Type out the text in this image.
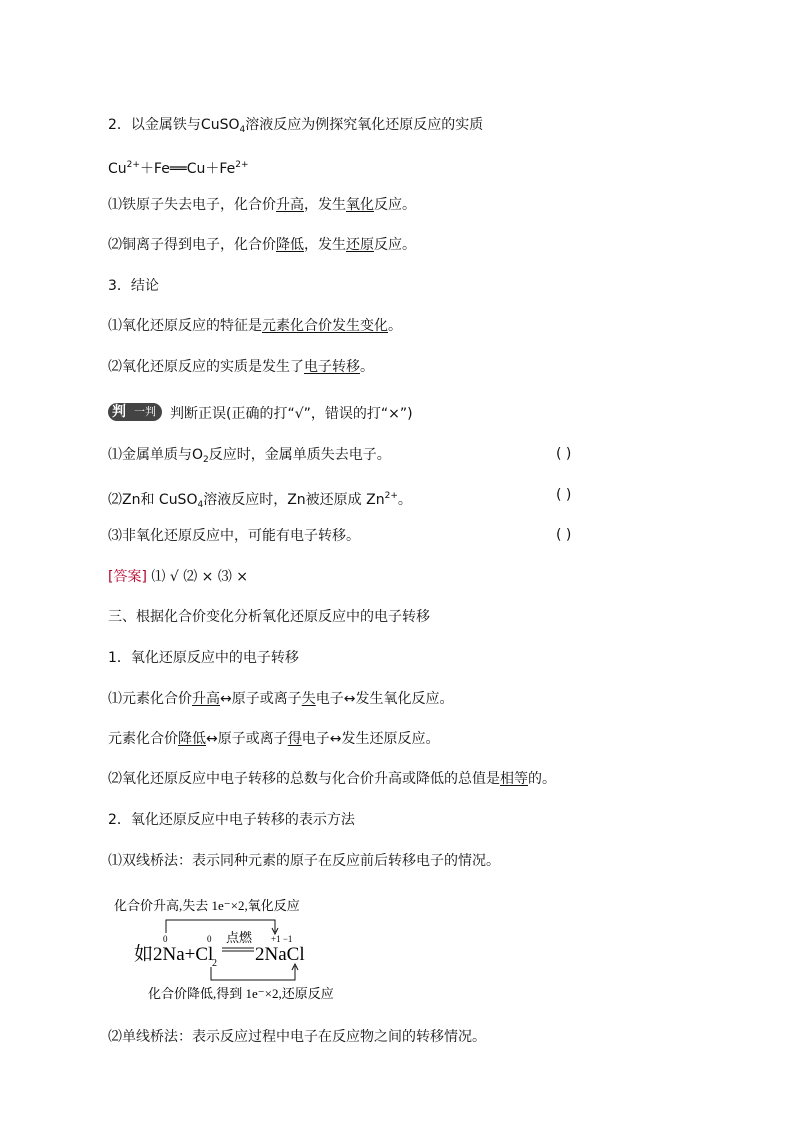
2．以金属铁与CuSO$_4$溶液反应为例探究氧化还原反应的实质
$Cu^{2+}+Fe══Cu+Fe^{2+}$
⑴铁原子失去电子，化合价升高，发生氧化反应。
⑵铜离子得到电子，化合价降低，发生还原反应。
3．结论
⑴氧化还原反应的特征是元素化合价发生变化。
⑵氧化还原反应的实质是发生了电子转移。
判 一判 判断正误(正确的打“√”，错误的打“×”)
⑴金属单质与$O_2$反应时，金属单质失去电子。	( )
⑵Zn和 CuSO$_4$溶液反应时，Zn被还原成 $Zn^{2+}$。	( )
⑶非氧化还原反应中，可能有电子转移。	( )
[答案] ⑴ √ ⑵ × ⑶ ×
三、根据化合价变化分析氧化还原反应中的电子转移
1．氧化还原反应中的电子转移
⑴元素化合价升高↔原子或离子失电子↔发生氧化反应。
元素化合价降低↔原子或离子得电子↔发生还原反应。
⑵氧化还原反应中电子转移的总数与化合价升高或降低的总值是相等的。
2．氧化还原反应中电子转移的表示方法
⑴双线桥法：表示同种元素的原子在反应前后转移电子的情况。
化合价升高,失去 1e⁻×2,氧化反应
0	0	+1 −1
点燃
如2Na+Cl
2 2NaCl
化合价降低,得到 1e⁻×2,还原反应
⑵单线桥法：表示反应过程中电子在反应物之间的转移情况。
